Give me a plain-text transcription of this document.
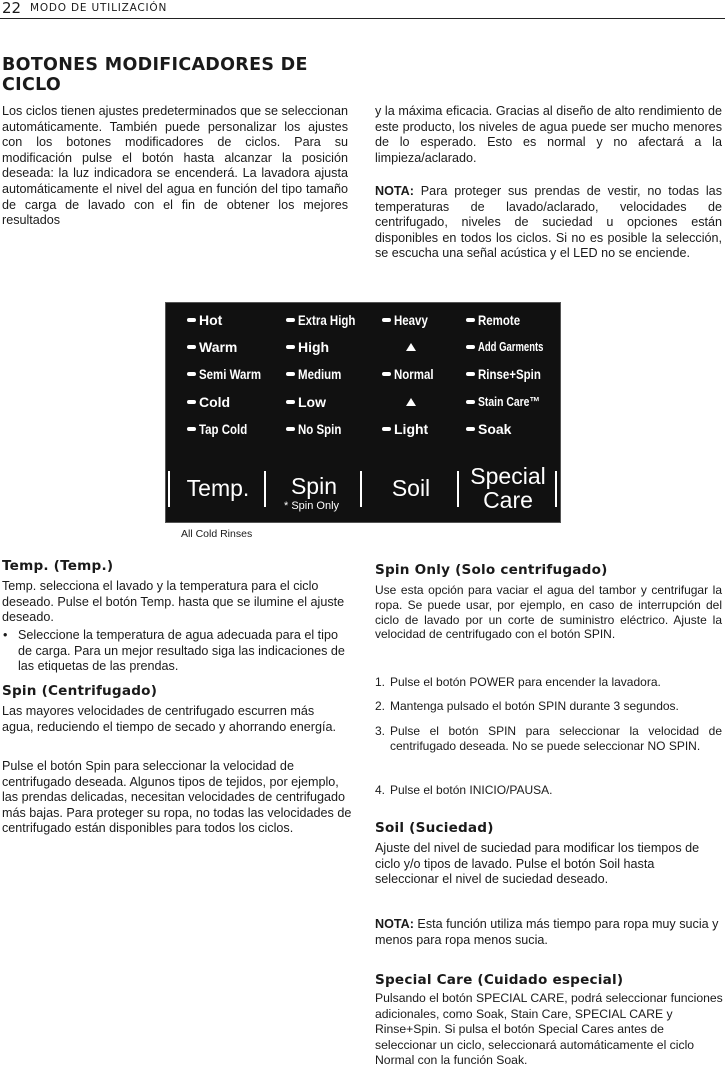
22 MODO DE UTILIZACIÓN
BOTONES MODIFICADORES DE CICLO

Los ciclos tienen ajustes predeterminados que se seleccionan automáticamente. También puede personalizar los ajustes con los botones modificadores de ciclos. Para su modificación pulse el botón hasta alcanzar la posición deseada: la luz indicadora se encenderá. La lavadora ajusta automáticamente el nivel del agua en función del tipo tamaño de carga de lavado con el fin de obtener los mejores resultados

y la máxima eficacia. Gracias al diseño de alto rendimiento de este producto, los niveles de agua puede ser mucho menores de lo esperado. Esto es normal y no afectará a la limpieza/aclarado.

NOTA: Para proteger sus prendas de vestir, no todas las temperaturas de lavado/aclarado, velocidades de centrifugado, niveles de suciedad u opciones están disponibles en todos los ciclos. Si no es posible la selección, se escucha una señal acústica y el LED no se enciende.

Hot
Warm
Semi Warm
Cold
Tap Cold
Extra High
High
Medium
Low
No Spin
Heavy
Normal
Light
Remote
Add Garments
Rinse+Spin
Stain Care™
Soak
Temp.	Spin
* Spin Only
Soil	Special
Care
All Cold Rinses
Temp. (Temp.)

Temp. selecciona el lavado y la temperatura para el ciclo deseado. Pulse el botón Temp. hasta que se ilumine el ajuste deseado.

• Seleccione la temperatura de agua adecuada para el tipo de carga. Para un mejor resultado siga las indicaciones de las etiquetas de las prendas.

Spin (Centrifugado)

Las mayores velocidades de centrifugado escurren más agua, reduciendo el tiempo de secado y ahorrando energía.

Pulse el botón Spin para seleccionar la velocidad de centrifugado deseada. Algunos tipos de tejidos, por ejemplo, las prendas delicadas, necesitan velocidades de centrifugado más bajas. Para proteger su ropa, no todas las velocidades de centrifugado están disponibles para todos los ciclos.

Spin Only (Solo centrifugado)

Use esta opción para vaciar el agua del tambor y centrifugar la ropa. Se puede usar, por ejemplo, en caso de interrupción del ciclo de lavado por un corte de suministro eléctrico. Ajuste la velocidad de centrifugado con el botón SPIN.

1. Pulse el botón POWER para encender la lavadora.

2. Mantenga pulsado el botón SPIN durante 3 segundos.

3. Pulse el botón SPIN para seleccionar la velocidad de centrifugado deseada. No se puede seleccionar NO SPIN.

4. Pulse el botón INICIO/PAUSA.

Soil (Suciedad)

Ajuste del nivel de suciedad para modificar los tiempos de ciclo y/o tipos de lavado. Pulse el botón Soil hasta seleccionar el nivel de suciedad deseado.

NOTA: Esta función utiliza más tiempo para ropa muy sucia y menos para ropa menos sucia.

Special Care (Cuidado especial)

Pulsando el botón SPECIAL CARE, podrá seleccionar funciones adicionales, como Soak, Stain Care, SPECIAL CARE y Rinse+Spin. Si pulsa el botón Special Cares antes de seleccionar un ciclo, seleccionará automáticamente el ciclo Normal con la función Soak.
